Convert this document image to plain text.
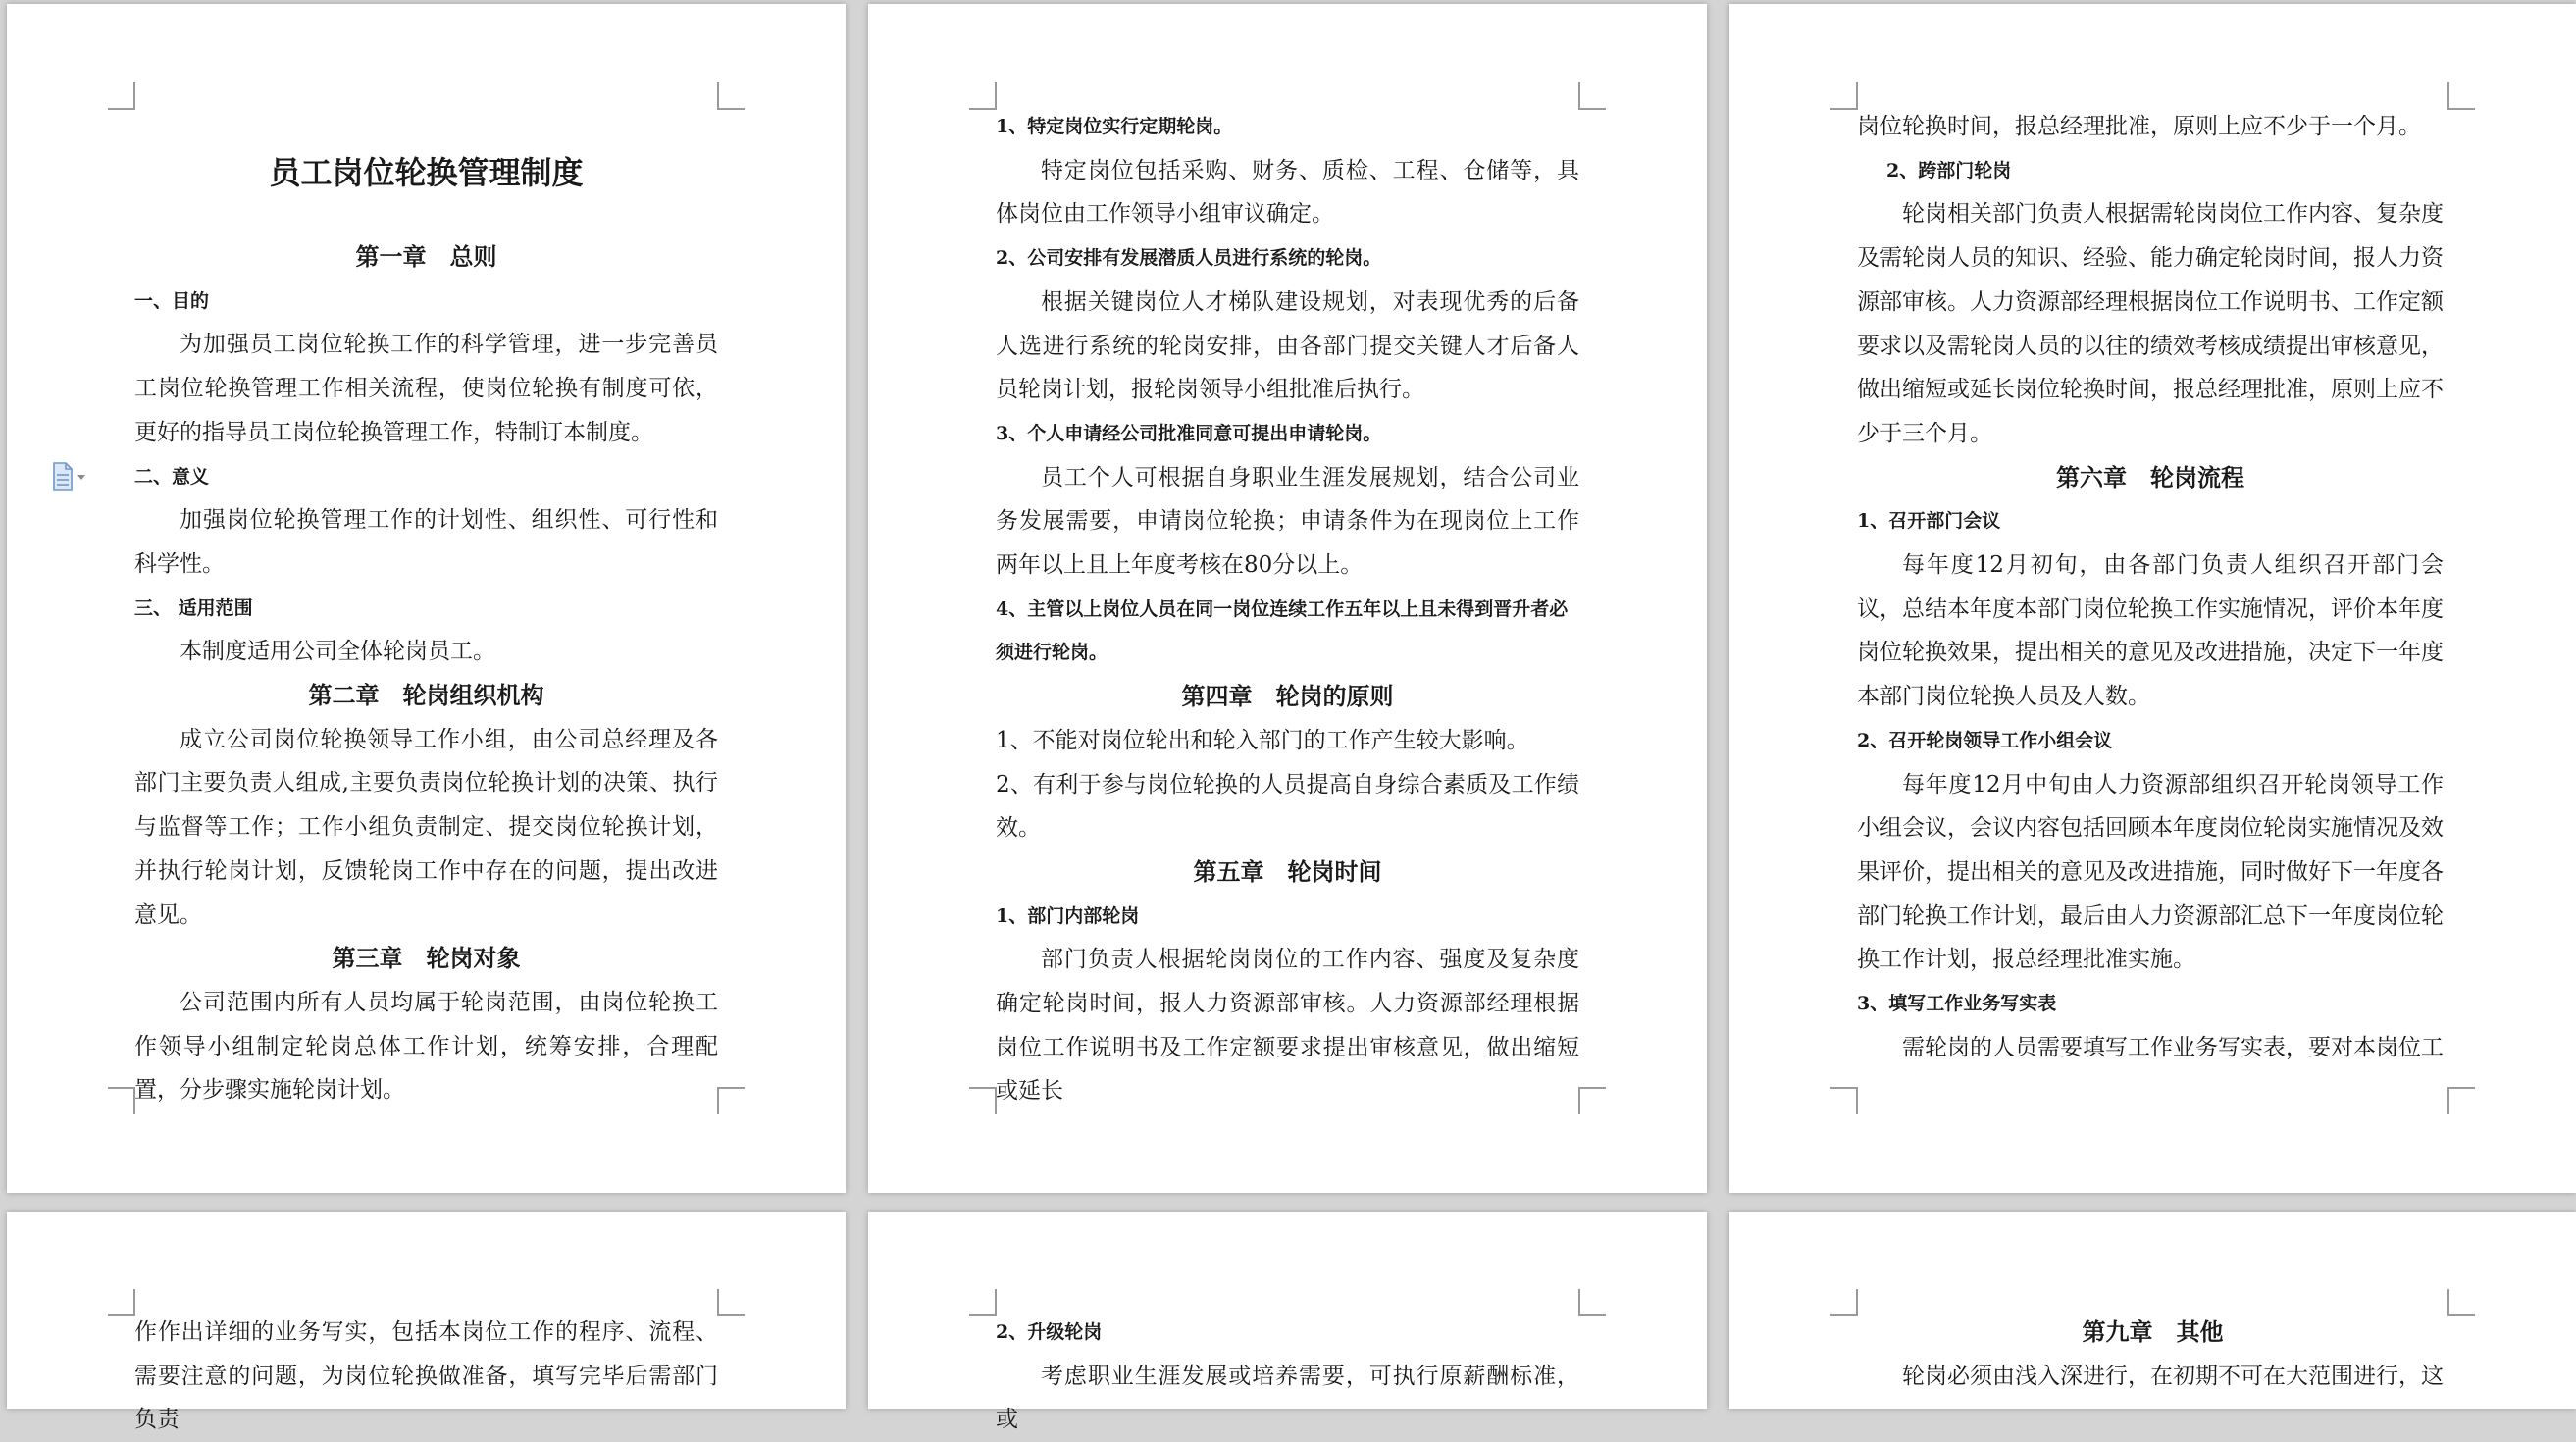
员工岗位轮换管理制度
第一章 总则
一、目的

为加强员工岗位轮换工作的科学管理，进一步完善员工岗位轮换管理工作相关流程，使岗位轮换有制度可依，更好的指导员工岗位轮换管理工作，特制订本制度。

二、意义

加强岗位轮换管理工作的计划性、组织性、可行性和科学性。

三、 适用范围

本制度适用公司全体轮岗员工。

第二章 轮岗组织机构

成立公司岗位轮换领导工作小组，由公司总经理及各部门主要负责人组成,主要负责岗位轮换计划的决策、执行与监督等工作；工作小组负责制定、提交岗位轮换计划，并执行轮岗计划，反馈轮岗工作中存在的问题，提出改进意见。

第三章 轮岗对象

公司范围内所有人员均属于轮岗范围，由岗位轮换工作领导小组制定轮岗总体工作计划，统筹安排，合理配置，分步骤实施轮岗计划。

1、特定岗位实行定期轮岗。

特定岗位包括采购、财务、质检、工程、仓储等，具体岗位由工作领导小组审议确定。

2、公司安排有发展潜质人员进行系统的轮岗。

根据关键岗位人才梯队建设规划，对表现优秀的后备人选进行系统的轮岗安排，由各部门提交关键人才后备人员轮岗计划，报轮岗领导小组批准后执行。

3、个人申请经公司批准同意可提出申请轮岗。

员工个人可根据自身职业生涯发展规划，结合公司业务发展需要，申请岗位轮换；申请条件为在现岗位上工作两年以上且上年度考核在80分以上。

4、主管以上岗位人员在同一岗位连续工作五年以上且未得到晋升者必须进行轮岗。
第四章 轮岗的原则

1、不能对岗位轮出和轮入部门的工作产生较大影响。

2、有利于参与岗位轮换的人员提高自身综合素质及工作绩效。

第五章 轮岗时间
1、部门内部轮岗

部门负责人根据轮岗岗位的工作内容、强度及复杂度确定轮岗时间，报人力资源部审核。人力资源部经理根据岗位工作说明书及工作定额要求提出审核意见，做出缩短或延长

岗位轮换时间，报总经理批准，原则上应不少于一个月。

2、跨部门轮岗

轮岗相关部门负责人根据需轮岗岗位工作内容、复杂度及需轮岗人员的知识、经验、能力确定轮岗时间，报人力资源部审核。人力资源部经理根据岗位工作说明书、工作定额要求以及需轮岗人员的以往的绩效考核成绩提出审核意见，做出缩短或延长岗位轮换时间，报总经理批准，原则上应不少于三个月。

第六章 轮岗流程
1、召开部门会议

每年度12月初旬，由各部门负责人组织召开部门会议，总结本年度本部门岗位轮换工作实施情况，评价本年度岗位轮换效果，提出相关的意见及改进措施，决定下一年度本部门岗位轮换人员及人数。

2、召开轮岗领导工作小组会议

每年度12月中旬由人力资源部组织召开轮岗领导工作小组会议，会议内容包括回顾本年度岗位轮岗实施情况及效果评价，提出相关的意见及改进措施，同时做好下一年度各部门轮换工作计划，最后由人力资源部汇总下一年度岗位轮换工作计划，报总经理批准实施。

3、填写工作业务写实表

需轮岗的人员需要填写工作业务写实表，要对本岗位工

作作出详细的业务写实，包括本岗位工作的程序、流程、需要注意的问题，为岗位轮换做准备，填写完毕后需部门负责

2、升级轮岗

考虑职业生涯发展或培养需要，可执行原薪酬标准，或

第九章 其他

轮岗必须由浅入深进行，在初期不可在大范围进行，这
